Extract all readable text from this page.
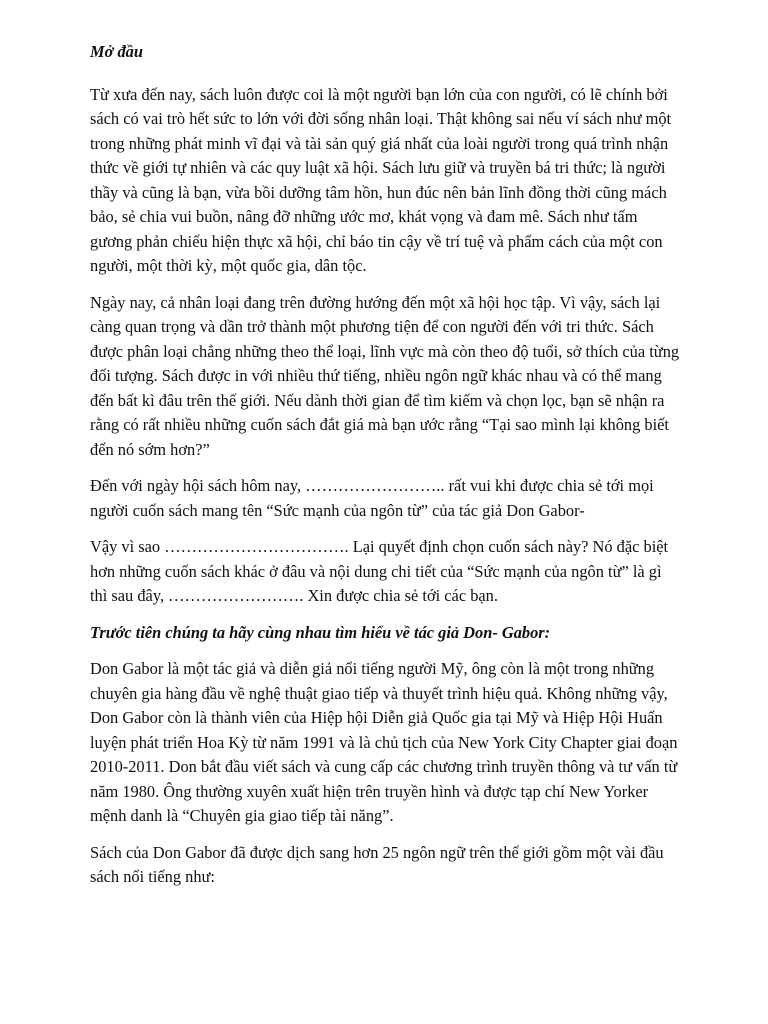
Mở đầu

Từ xưa đến nay, sách luôn được coi là một người bạn lớn của con người, có lẽ chính bởi sách có vai trò hết sức to lớn với đời sống nhân loại. Thật không sai nếu ví sách như một trong những phát minh vĩ đại và tài sản quý giá nhất của loài người trong quá trình nhận thức về giới tự nhiên và các quy luật xã hội. Sách lưu giữ và truyền bá tri thức; là người thầy và cũng là bạn, vừa bồi dưỡng tâm hồn, hun đúc nên bản lĩnh đồng thời cũng mách bảo, sẻ chia vui buồn, nâng đỡ những ước mơ, khát vọng và đam mê. Sách như tấm gương phản chiếu hiện thực xã hội, chỉ báo tin cậy về trí tuệ và phẩm cách của một con người, một thời kỳ, một quốc gia, dân tộc.

Ngày nay, cả nhân loại đang trên đường hướng đến một xã hội học tập. Vì vậy, sách lại càng quan trọng và dần trở thành một phương tiện để con người đến với tri thức. Sách được phân loại chẳng những theo thể loại, lĩnh vực mà còn theo độ tuổi, sở thích của từng đối tượng. Sách được in với nhiều thứ tiếng, nhiều ngôn ngữ khác nhau và có thể mang đến bất kì đâu trên thế giới. Nếu dành thời gian để tìm kiếm và chọn lọc, bạn sẽ nhận ra rằng có rất nhiều những cuốn sách đắt giá mà bạn ước rằng “Tại sao mình lại không biết đến nó sớm hơn?”

Đến với ngày hội sách hôm nay, …………………….. rất vui khi được chia sẻ tới mọi người cuốn sách mang tên “Sức mạnh của ngôn từ” của tác giả Don Gabor-

Vậy vì sao ……………………………. Lại quyết định chọn cuốn sách này? Nó đặc biệt hơn những cuốn sách khác ở đâu và nội dung chi tiết của “Sức mạnh của ngôn từ” là gì thì sau đây, ……………………. Xin được chia sẻ tới các bạn.

Trước tiên chúng ta hãy cùng nhau tìm hiểu về tác giả Don- Gabor:

Don Gabor là một tác giả và diễn giả nổi tiếng người Mỹ, ông còn là một trong những chuyên gia hàng đầu về nghệ thuật giao tiếp và thuyết trình hiệu quả. Không những vậy, Don Gabor còn là thành viên của Hiệp hội Diễn giả Quốc gia tại Mỹ và Hiệp Hội Huấn luyện phát triển Hoa Kỳ từ năm 1991 và là chủ tịch của New York City Chapter giai đoạn 2010-2011. Don bắt đầu viết sách và cung cấp các chương trình truyền thông và tư vấn từ năm 1980. Ông thường xuyên xuất hiện trên truyền hình và được tạp chí New Yorker mệnh danh là “Chuyên gia giao tiếp tài năng”.

Sách của Don Gabor đã được dịch sang hơn 25 ngôn ngữ trên thế giới gồm một vài đầu sách nổi tiếng như:
